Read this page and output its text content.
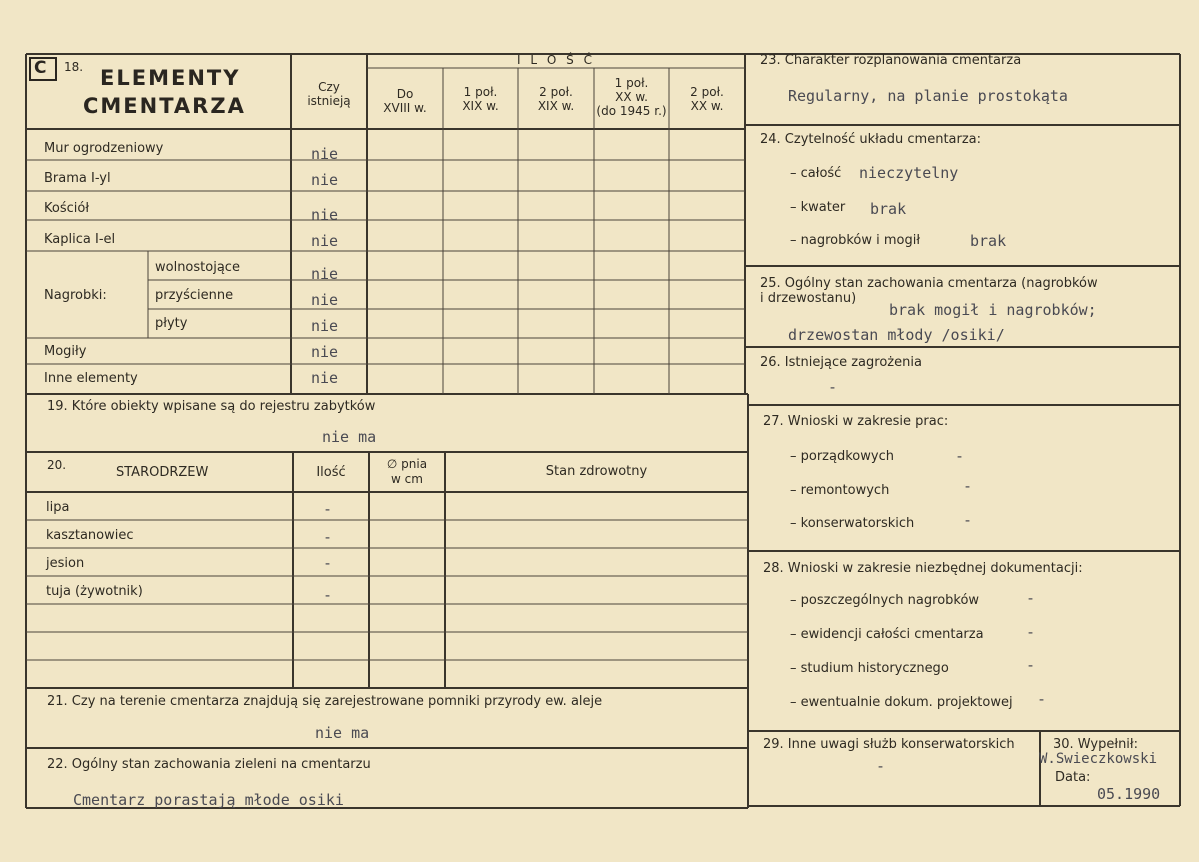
C 18. ELEMENTY
CMENTARZA
Czy
istnieją
I L O Ś Ć
Do
XVIII w.
1 poł.
XIX w.
2 poł.
XIX w.
1 poł.
XX w.
(do 1945 r.)
2 poł.
XX w.
Mur ogrodzeniowy	nie
Brama I-yl	nie
Kościół	nie
Kaplica I-el	nie
Nagrobki:
wolnostojące	nie
przyścienne	nie
płyty	nie
Mogiły	nie
Inne elementy	nie
19. Które obiekty wpisane są do rejestru zabytków
nie ma
20.	STARODRZEW	Ilość
∅ pnia
w cm	Stan zdrowotny
lipa	-
kasztanowiec	-
jesion	-
tuja (żywotnik)	-
21. Czy na terenie cmentarza znajdują się zarejestrowane pomniki przyrody ew. aleje
nie ma
22. Ogólny stan zachowania zieleni na cmentarzu
Cmentarz porastają młode osiki
23. Charakter rozplanowania cmentarza
Regularny, na planie prostokąta
24. Czytelność układu cmentarza:
– całość nieczytelny
– kwater brak
– nagrobków i mogił	brak
25. Ogólny stan zachowania cmentarza (nagrobków
i drzewostanu)
brak mogił i nagrobków;
drzewostan młody /osiki/
26. Istniejące zagrożenia
-
27. Wnioski w zakresie prac:
– porządkowych	-
– remontowych	-
– konserwatorskich	-
28. Wnioski w zakresie niezbędnej dokumentacji:
– poszczególnych nagrobków	-
– ewidencji całości cmentarza	-
– studium historycznego	-
– ewentualnie dokum. projektowej -
29. Inne uwagi służb konserwatorskich
-
30. Wypełnił:
W.Swieczkowski
Data:
05.1990
